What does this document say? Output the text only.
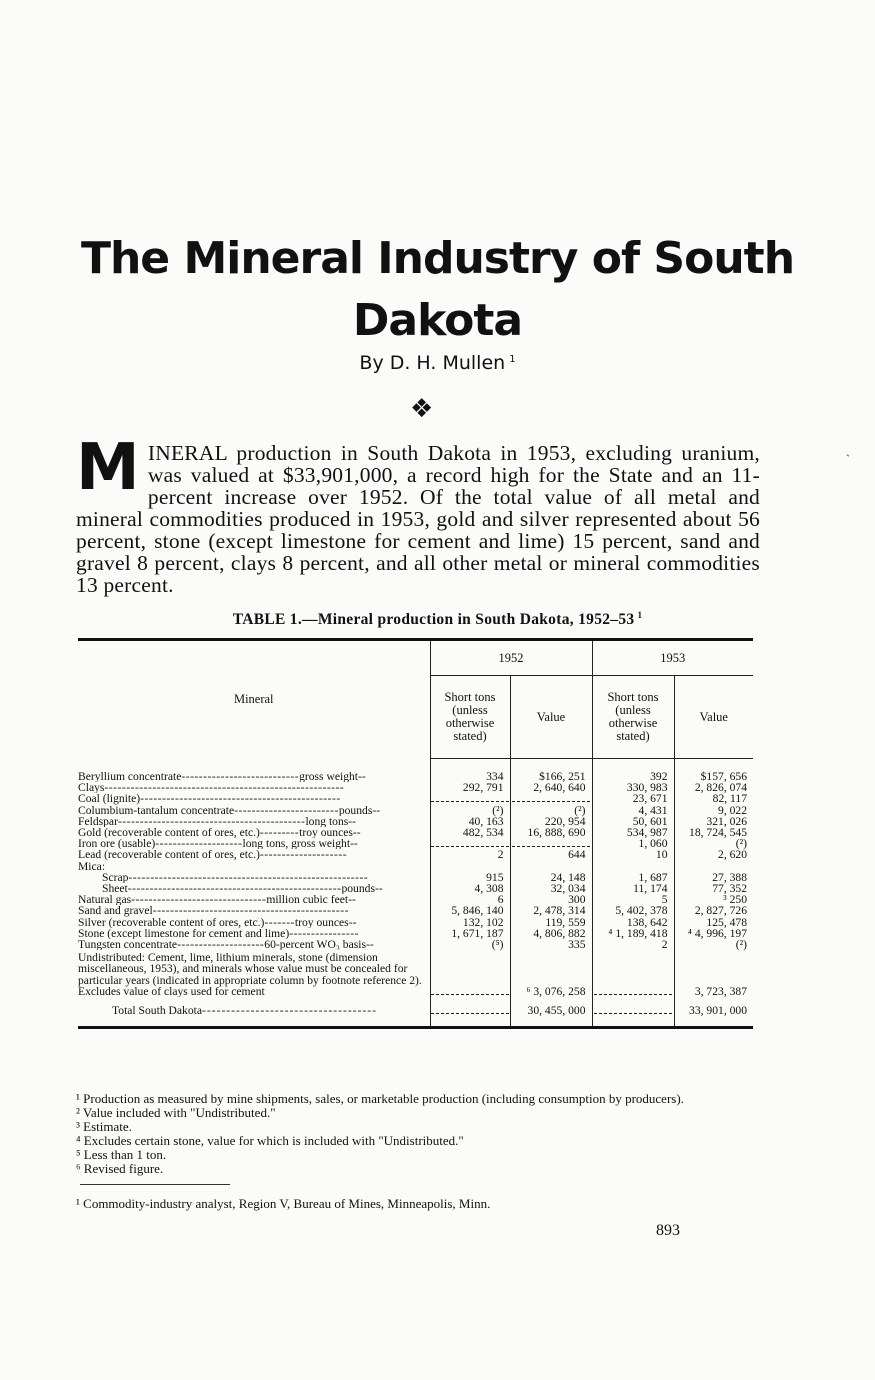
The Mineral Industry of South
Dakota
By D. H. Mullen $^1$
❖
`
MINERAL production in South Dakota in 1953, excluding uranium, was valued at $33,901,000, a record high for the State and an 11-percent increase over 1952. Of the total value of all metal and mineral commodities produced in 1953, gold and silver represented about 56 percent, stone (except limestone for cement and lime) 15 percent, sand and gravel 8 percent, clays 8 percent, and all other metal or mineral commodities 13 percent.
TABLE 1.—Mineral production in South Dakota, 1952–53 $^1$
Mineral	1952		1953	
	Short tons (unless otherwise stated)	Value	Short tons (unless otherwise stated)	Value
Beryllium concentrate---------------------------gross weight--	334	$166, 251	392	$157, 656
Clays-------------------------------------------------------	292, 791	2, 640, 640	330, 983	2, 826, 074
Coal (lignite)----------------------------------------------			23, 671	82, 117
Columbium-tantalum concentrate------------------------pounds--	(²)	(²)	4, 431	9, 022
Feldspar-------------------------------------------long tons--	40, 163	220, 954	50, 601	321, 026
Gold (recoverable content of ores, etc.)---------troy ounces--	482, 534	16, 888, 690	534, 987	18, 724, 545
Iron ore (usable)--------------------long tons, gross weight--			1, 060	(²)
Lead (recoverable content of ores, etc.)--------------------	2	644	10	2, 620
Mica:				
Scrap-------------------------------------------------------	915	24, 148	1, 687	27, 388
Sheet-------------------------------------------------pounds--	4, 308	32, 034	11, 174	77, 352
Natural gas-------------------------------million cubic feet--	6	300	5	³ 250
Sand and gravel---------------------------------------------	5, 846, 140	2, 478, 314	5, 402, 378	2, 827, 726
Silver (recoverable content of ores, etc.)-------troy ounces--	132, 102	119, 559	138, 642	125, 478
Stone (except limestone for cement and lime)----------------	1, 671, 187	4, 806, 882	⁴ 1, 189, 418	⁴ 4, 996, 197
Tungsten concentrate--------------------60-percent WO₃ basis--	(⁵)	335	2	(²)
Undistributed: Cement, lime, lithium minerals, stone (dimension miscellaneous, 1953), and minerals whose value must be concealed for particular years (indicated in appropriate column by footnote reference 2). Excludes value of clays used for cement		⁶ 3, 076, 258		3, 723, 387
Total South Dakota------------------------------------		30, 455, 000		33, 901, 000

¹ Production as measured by mine shipments, sales, or marketable production (including consumption by producers).

² Value included with "Undistributed."

³ Estimate.

⁴ Excludes certain stone, value for which is included with "Undistributed."

⁵ Less than 1 ton.

⁶ Revised figure.

¹ Commodity-industry analyst, Region V, Bureau of Mines, Minneapolis, Minn.
893
